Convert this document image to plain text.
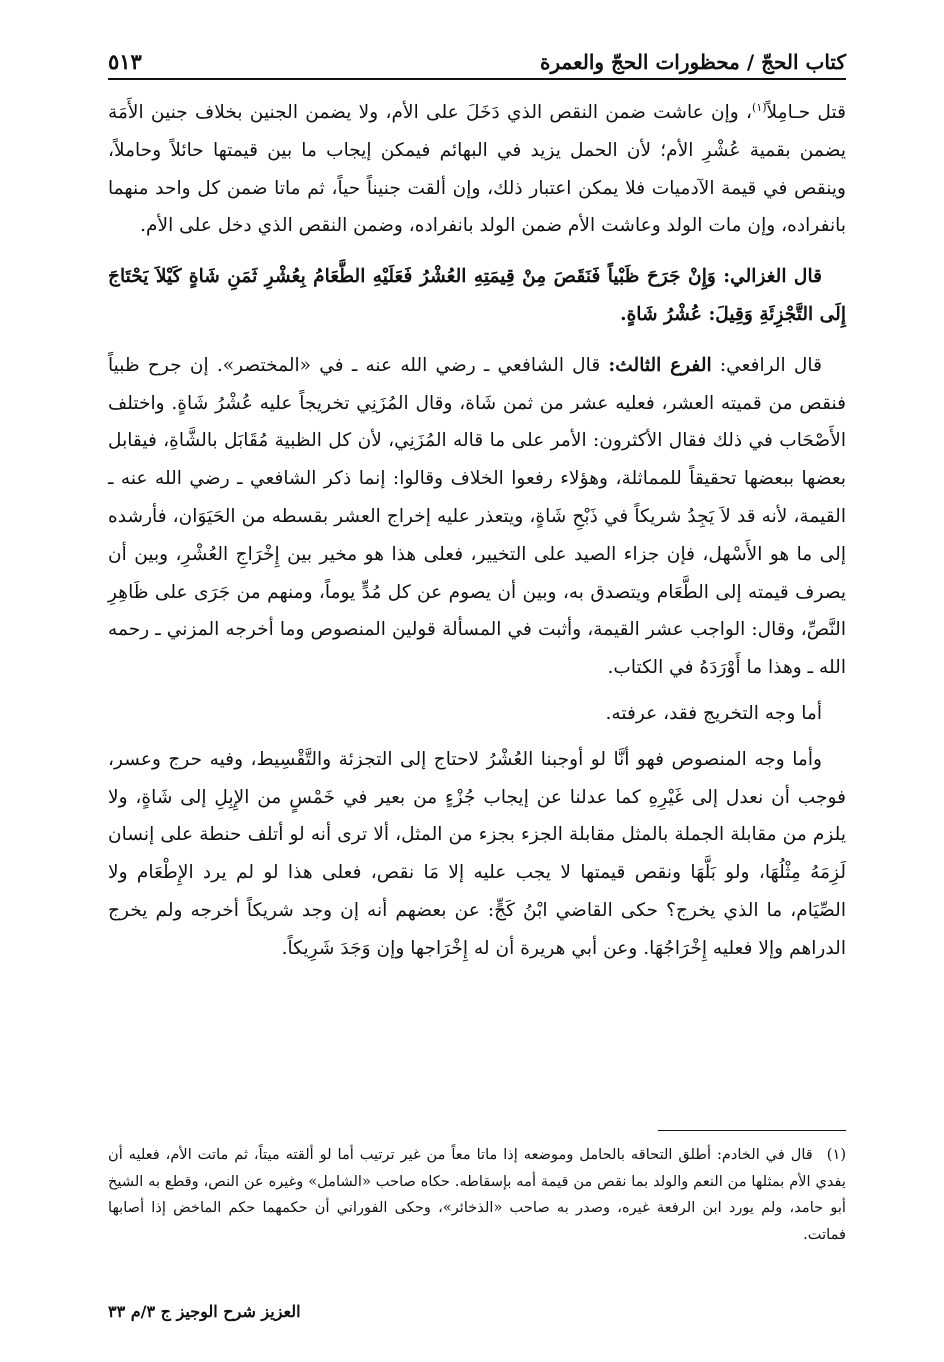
كتاب الحجّ / محظورات الحجّ والعمرة
٥١٣

قتل حـامِلاً$^{(١)}$، وإن عاشت ضمن النقص الذي دَخَلَ على الأم، ولا يضمن الجنين بخلاف جنين الأَمَة يضمن بقمية عُشْرِ الأم؛ لأن الحمل يزيد في البهائم فيمكن إيجاب ما بين قيمتها حائلاً وحاملاً، وينقص في قيمة الآدميات فلا يمكن اعتبار ذلك، وإن ألقت جنيناً حياً، ثم ماتا ضمن كل واحد منهما بانفراده، وإن مات الولد وعاشت الأم ضمن الولد بانفراده، وضمن النقص الذي دخل على الأم.

قال الغزالي: وَإِنْ جَرَحَ ظَبْياً فَنَقَصَ مِنْ قِيمَتِهِ العُشْرُ فَعَلَيْهِ الطَّعَامُ بِعُشْرِ ثَمَنِ شَاةٍ كَيْلاَ يَحْتَاجَ إِلَى التَّجْزِئَةِ وَقِيلَ: عُشْرُ شَاةٍ.

قال الرافعي: الفرع الثالث: قال الشافعي ـ رضي الله عنه ـ في «المختصر». إن جرح ظبياً فنقص من قميته العشر، فعليه عشر من ثمن شَاة، وقال المُزَنِي تخريجاً عليه عُشْرُ شَاةٍ. واختلف الأَصْحَاب في ذلك فقال الأكثرون: الأمر على ما قاله المُزَنِي، لأن كل الظبية مُقَابَل بالشَّاةِ، فيقابل بعضها ببعضها تحقيقاً للمماثلة، وهؤلاء رفعوا الخلاف وقالوا: إنما ذكر الشافعي ـ رضي الله عنه ـ القيمة، لأنه قد لاَ يَجِدُ شريكاً في ذَبْحِ شَاةٍ، ويتعذر عليه إخراج العشر بقسطه من الحَيَوَان، فأرشده إلى ما هو الأَسْهل، فإن جزاء الصيد على التخيير، فعلى هذا هو مخير بين إِخْرَاجِ العُشْرِ، وبين أن يصرف قيمته إلى الطَّعَام ويتصدق به، وبين أن يصوم عن كل مُدٍّ يوماً، ومنهم من جَرَى على ظَاهِرِ النَّصِّ، وقال: الواجب عشر القيمة، وأثبت في المسألة قولين المنصوص وما أخرجه المزني ـ رحمه الله ـ وهذا ما أَوْرَدَهُ في الكتاب.

أما وجه التخريج فقد، عرفته.

وأما وجه المنصوص فهو أنَّا لو أوجبنا العُشْرُ لاحتاج إلى التجزئة والتَّقْسِيط، وفيه حرج وعسر، فوجب أن نعدل إلى غَيْرِهِ كما عدلنا عن إيجاب جُزْءٍ من بعير في خَمْسٍ من الإِبِلِ إلى شَاةٍ، ولا يلزم من مقابلة الجملة بالمثل مقابلة الجزء بجزء من المثل، ألا ترى أنه لو أتلف حنطة على إنسان لَزِمَهُ مِثْلُهَا، ولو بَلَّهَا ونقص قيمتها لا يجب عليه إلا مَا نقص، فعلى هذا لو لم يرد الإِطْعَام ولا الصِّيَام، ما الذي يخرج؟ حكى القاضي ابْنُ كَجٍّ: عن بعضهم أنه إن وجد شريكاً أخرجه ولم يخرج الدراهم وإلا فعليه إِخْرَاجُهَا. وعن أبي هريرة أن له إِخْرَاجها وإن وَجَدَ شَرِيكاً.

(١)قال في الخادم: أطلق التحاقه بالحامل وموضعه إذا ماتا معاً من غير ترتيب أما لو ألقته ميتاً، ثم ماتت الأم، فعليه أن يفدي الأم بمثلها من النعم والولد بما نقص من قيمة أمه بإسقاطه. حكاه صاحب «الشامل» وغيره عن النص، وقطع به الشيخ أبو حامد، ولم يورد ابن الرفعة غيره، وصدر به صاحب «الذخائر»، وحكى الفوراني أن حكمهما حكم الماخض إذا أصابها فماتت.
العزيز شرح الوجيز ج ٣/م ٣٣
